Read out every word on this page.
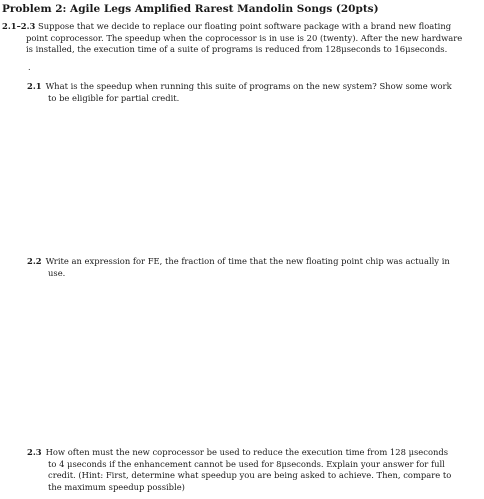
Problem 2: Agile Legs Amplified Rarest Mandolin Songs (20pts)
2.1–2.3 Suppose that we decide to replace our floating point software package with a brand new floating
point coprocessor. The speedup when the coprocessor is in use is 20 (twenty). After the new hardware
is installed, the execution time of a suite of programs is reduced from 128μseconds to 16μseconds.
.
2.1 What is the speedup when running this suite of programs on the new system? Show some work
to be eligible for partial credit.
2.2 Write an expression for FE, the fraction of time that the new floating point chip was actually in
use.
2.3 How often must the new coprocessor be used to reduce the execution time from 128 μseconds
to 4 μseconds if the enhancement cannot be used for 8μseconds. Explain your answer for full
credit. (Hint: First, determine what speedup you are being asked to achieve. Then, compare to
the maximum speedup possible)
